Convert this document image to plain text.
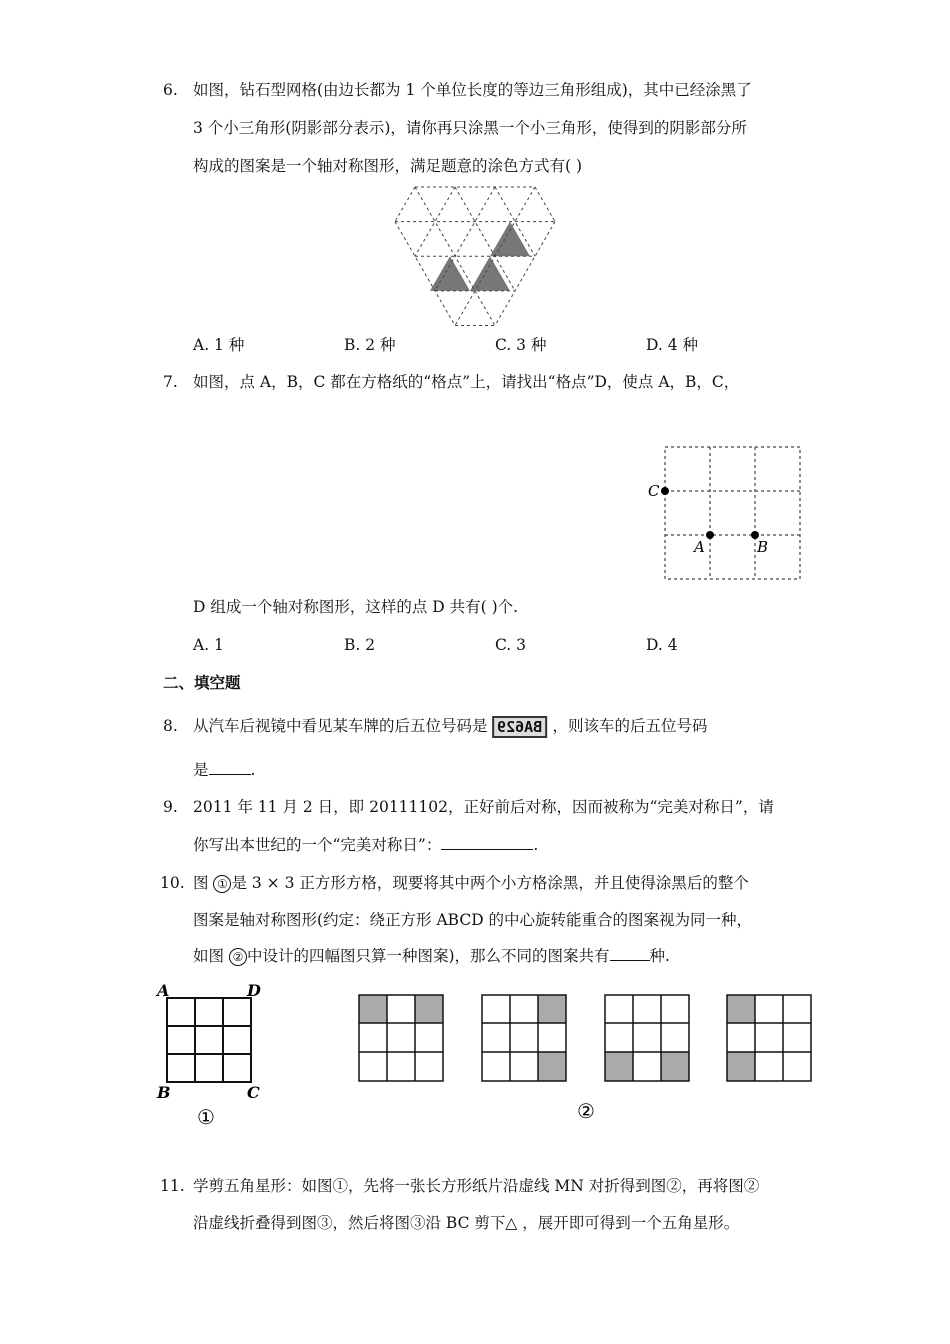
6. 如图，钻石型网格(由边长都为 1 个单位长度的等边三角形组成)，其中已经涂黑了
3 个小三角形(阴影部分表示)，请你再只涂黑一个小三角形，使得到的阴影部分所
构成的图案是一个轴对称图形，满足题意的涂色方式有( )
A. 1 种	B. 2 种	C. 3 种	D. 4 种
7. 如图，点 A，B，C 都在方格纸的“格点”上，请找出“格点”D，使点 A，B，C，
C
A	B
D 组成一个轴对称图形，这样的点 D 共有( )个.
A. 1	B. 2	C. 3	D. 4
二、填空题
8. 从汽车后视镜中看见某车牌的后五位号码是 BA629 ，则该车的后五位号码
是	.
9. 2011 年 11 月 2 日，即 20111102，正好前后对称，因而被称为“完美对称日”，请
你写出本世纪的一个“完美对称日”：	.
10. 图 ① 是 3 × 3 正方形方格，现要将其中两个小方格涂黑，并且使得涂黑后的整个
图案是轴对称图形(约定：绕正方形 ABCD 的中心旋转能重合的图案视为同一种，
如图 ② 中设计的四幅图只算一种图案)，那么不同的图案共有	种.
A	D
B	C
①	②
11. 学剪五角星形：如图①，先将一张长方形纸片沿虚线 MN 对折得到图②，再将图②
沿虚线折叠得到图③，然后将图③沿 BC 剪下△ ，展开即可得到一个五角星形。
